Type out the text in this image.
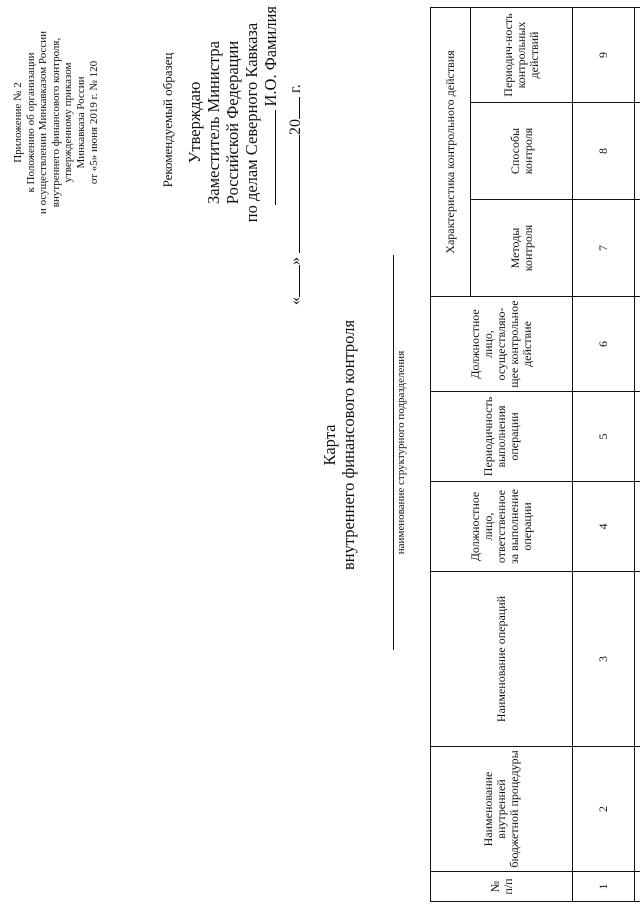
Приложение № 2 к Положению об организации и осуществлении Минкавказом России внутреннего финансового контроля, утвержденному приказом Минкавказа России от «5» июня 2019 г. № 120	Рекомендуемый образец Утверждаю Заместитель Министра Российской Федерации по делам Северного Кавказа И.О. Фамилия
«
»
20
г.
Карта внутреннего финансового контроля	наименование структурного подразделения
№ п/п	Наименование внутренней бюджетной процедуры	Наименование операций	Должностное лицо, ответственное за выполнение операции	Периодичность выполнения операции	Должностное лицо, осуществляю-щее контрольное действие	Характеристика контрольного действия		
						Методы контроля	Способы контроля	Периодич-ность контрольных действий
1	2	3	4	5	6	7	8	9
